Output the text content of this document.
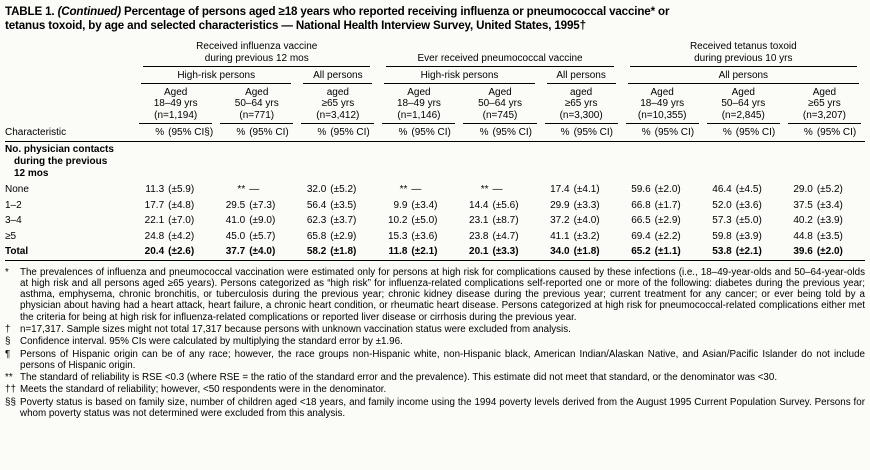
TABLE 1. (Continued) Percentage of persons aged ≥18 years who reported receiving influenza or pneumococcal vaccine* or
tetanus toxoid, by age and selected characteristics — National Health Interview Survey, United States, 1995†

Received influenza vaccine
during previous 12 mos	Ever received pneumococcal vaccine

Received tetanus toxoid
during previous 10 yrs

	High-risk persons		All persons	High-risk persons		All persons	All persons		

Aged
18–49 yrs
(n=1,194)

Aged
50–64 yrs
(n=771)

aged
≥65 yrs
(n=3,412)

Aged
18–49 yrs
(n=1,146)

Aged
50–64 yrs
(n=745)

aged
≥65 yrs
(n=3,300)

Aged
18–49 yrs
(n=10,355)

Aged
50–64 yrs
(n=2,845)

Aged
≥65 yrs
(n=3,207)

Characteristic	% (95% CI§)	% (95% CI)	% (95% CI)	% (95% CI)	% (95% CI)	% (95% CI)	% (95% CI)	% (95% CI)	% (95% CI)

No. physician contacts
during the previous
12 mos									

None	11.3 (±5.9)	** —	32.0 (±5.2)	** —	** —	17.4 (±4.1)	59.6 (±2.0)	46.4 (±4.5)	29.0 (±5.2)

1–2	17.7 (±4.8)	29.5 (±7.3)	56.4 (±3.5)	9.9 (±3.4)	14.4 (±5.6)	29.9 (±3.3)	66.8 (±1.7)	52.0 (±3.6)	37.5 (±3.4)

3–4	22.1 (±7.0)	41.0 (±9.0)	62.3 (±3.7)	10.2 (±5.0)	23.1 (±8.7)	37.2 (±4.0)	66.5 (±2.9)	57.3 (±5.0)	40.2 (±3.9)

≥5	24.8 (±4.2)	45.0 (±5.7)	65.8 (±2.9)	15.3 (±3.6)	23.8 (±4.7)	41.1 (±3.2)	69.4 (±2.2)	59.8 (±3.9)	44.8 (±3.5)

Total	20.4 (±2.6)	37.7 (±4.0)	58.2 (±1.8)	11.8 (±2.1)	20.1 (±3.3)	34.0 (±1.8)	65.2 (±1.1)	53.8 (±2.1)	39.6 (±2.0)
*	The prevalences of influenza and pneumococcal vaccination were estimated only for persons at high risk for complications caused by these infections (i.e., 18–49-year-olds and 50–64-year-olds at high risk and all persons aged ≥65 years). Persons categorized as “high risk” for influenza-related complications self-reported one or more of the following: diabetes during the previous year; asthma, emphysema, chronic bronchitis, or tuberculosis during the previous year; chronic kidney disease during the previous year; current treatment for any cancer; or ever being told by a physician about having had a heart attack, heart failure, a chronic heart condition, or rheumatic heart disease. Persons categorized at high risk for pneumococcal-related complications either met the criteria for being at high risk for influenza-related complications or reported liver disease or cirrhosis during the previous year.
† n=17,317. Sample sizes might not total 17,317 because persons with unknown vaccination status were excluded from analysis.
§ Confidence interval. 95% CIs were calculated by multiplying the standard error by ±1.96.
¶ Persons of Hispanic origin can be of any race; however, the race groups non-Hispanic white, non-Hispanic black, American Indian/Alaskan Native, and Asian/Pacific Islander do not include persons of Hispanic origin.
** The standard of reliability is RSE <0.3 (where RSE = the ratio of the standard error and the prevalence). This estimate did not meet that standard, or the denominator was <30.
†† Meets the standard of reliability; however, <50 respondents were in the denominator.
§§ Poverty status is based on family size, number of children aged <18 years, and family income using the 1994 poverty levels derived from the August 1995 Current Population Survey. Persons for whom poverty status was not determined were excluded from this analysis.
